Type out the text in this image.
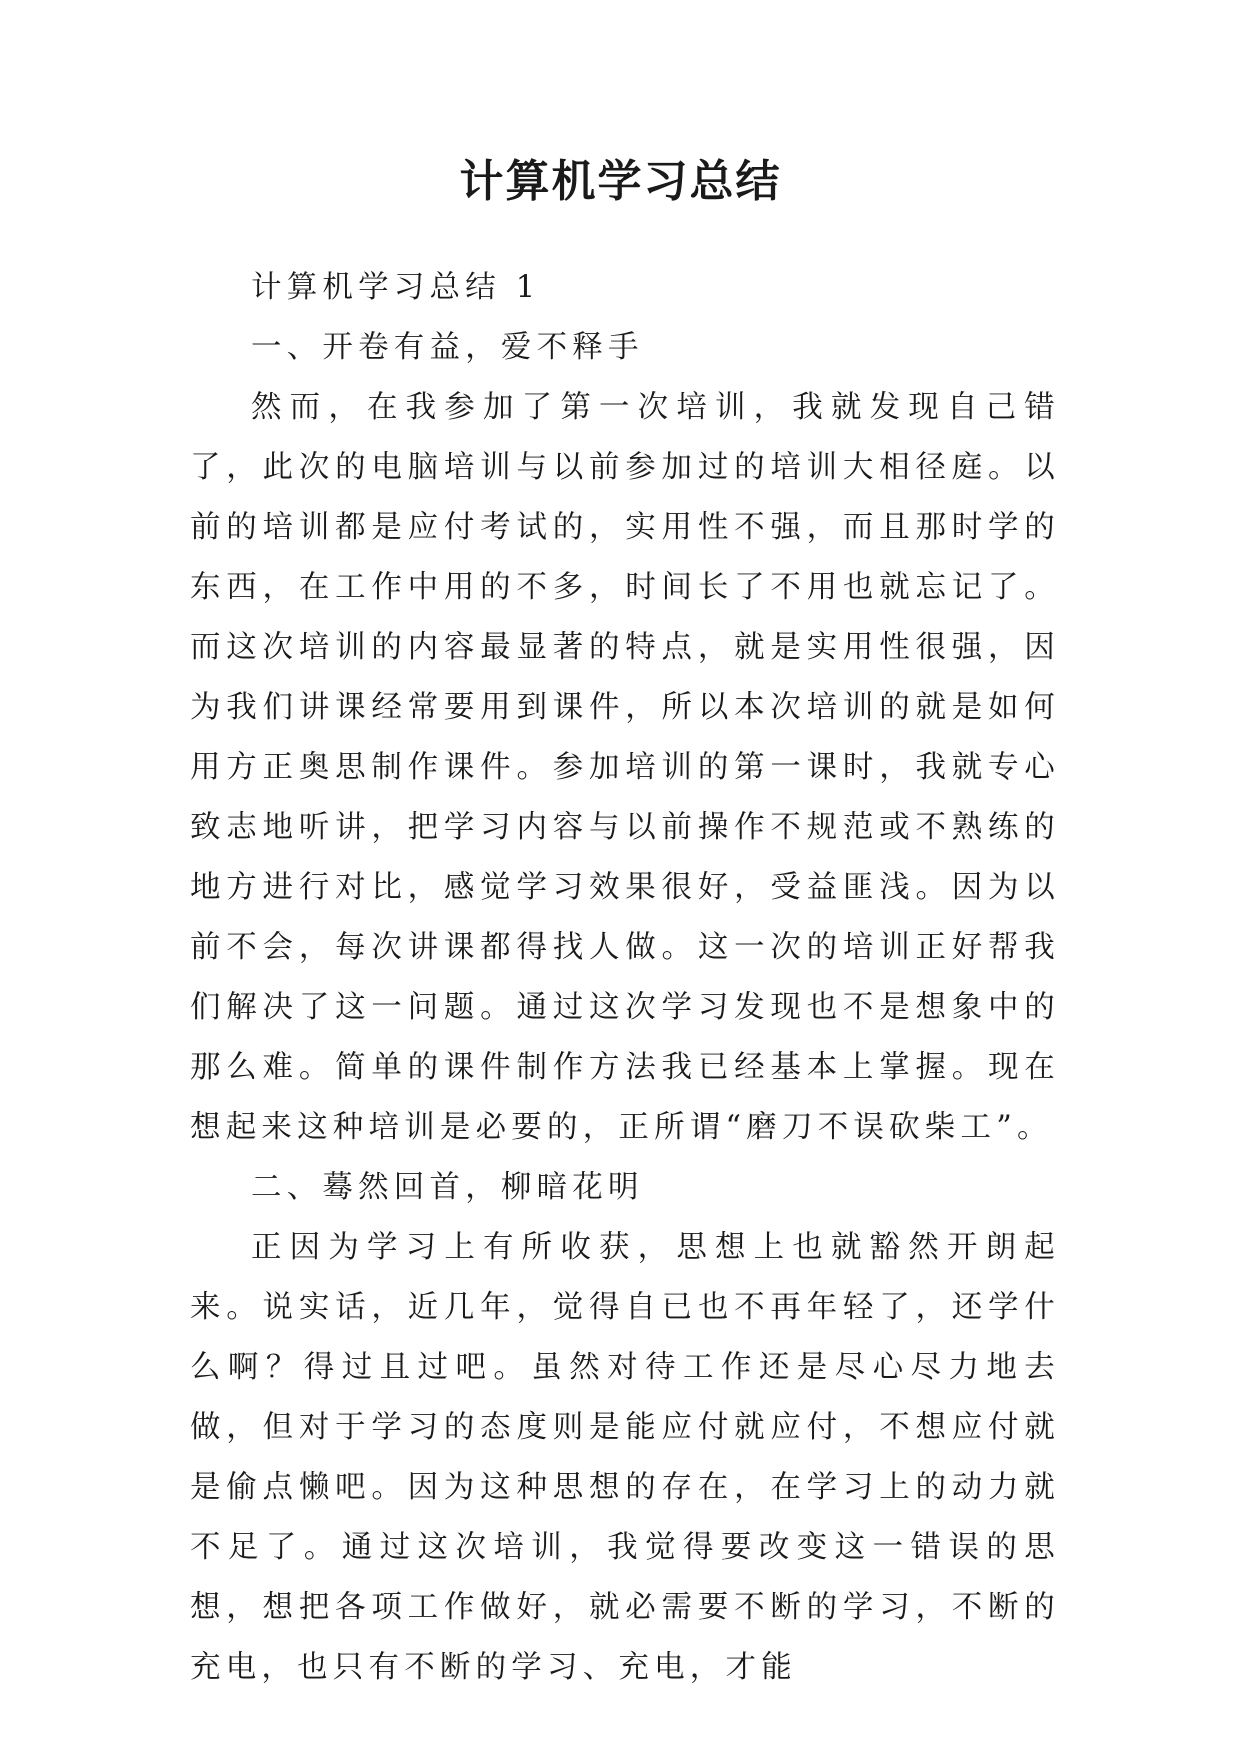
计算机学习总结

计算机学习总结 1

一、开卷有益，爱不释手

然而，在我参加了第一次培训，我就发现自己错了，此次的电脑培训与以前参加过的培训大相径庭。以前的培训都是应付考试的，实用性不强，而且那时学的东西，在工作中用的不多，时间长了不用也就忘记了。而这次培训的内容最显著的特点，就是实用性很强，因为我们讲课经常要用到课件，所以本次培训的就是如何用方正奥思制作课件。参加培训的第一课时，我就专心致志地听讲，把学习内容与以前操作不规范或不熟练的地方进行对比，感觉学习效果很好，受益匪浅。因为以前不会，每次讲课都得找人做。这一次的培训正好帮我们解决了这一问题。通过这次学习发现也不是想象中的那么难。简单的课件制作方法我已经基本上掌握。现在想起来这种培训是必要的，正所谓“磨刀不误砍柴工”。

二、蓦然回首，柳暗花明

正因为学习上有所收获，思想上也就豁然开朗起来。说实话，近几年，觉得自已也不再年轻了，还学什么啊？得过且过吧。虽然对待工作还是尽心尽力地去做，但对于学习的态度则是能应付就应付，不想应付就是偷点懒吧。因为这种思想的存在，在学习上的动力就不足了。通过这次培训，我觉得要改变这一错误的思想，想把各项工作做好，就必需要不断的学习，不断的充电，也只有不断的学习、充电，才能
